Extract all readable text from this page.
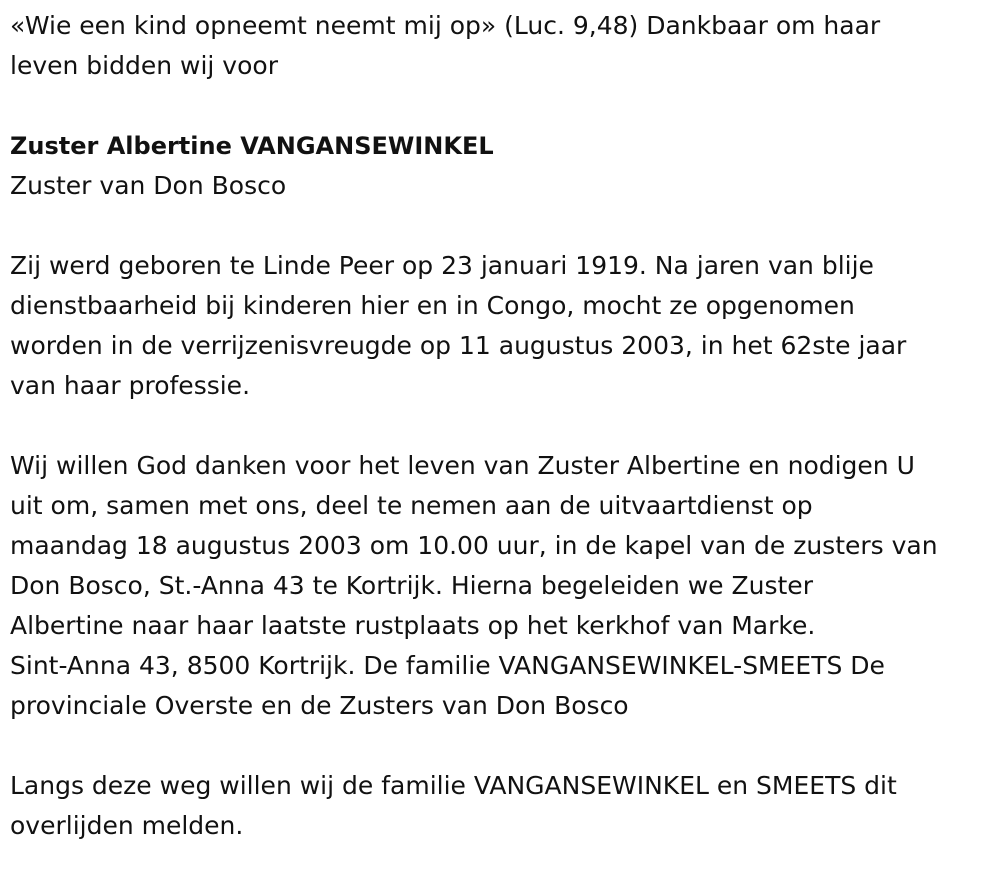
«Wie een kind opneemt neemt mij op» (Luc. 9,48) Dankbaar om haar

leven bidden wij voor

Zuster Albertine VANGANSEWINKEL

Zuster van Don Bosco

Zij werd geboren te Linde Peer op 23 januari 1919. Na jaren van blije

dienstbaarheid bij kinderen hier en in Congo, mocht ze opgenomen

worden in de verrijzenisvreugde op 11 augustus 2003, in het 62ste jaar

van haar professie.

Wij willen God danken voor het leven van Zuster Albertine en nodigen U

uit om, samen met ons, deel te nemen aan de uitvaartdienst op

maandag 18 augustus 2003 om 10.00 uur, in de kapel van de zusters van

Don Bosco, St.-Anna 43 te Kortrijk. Hierna begeleiden we Zuster

Albertine naar haar laatste rustplaats op het kerkhof van Marke.

Sint-Anna 43, 8500 Kortrijk. De familie VANGANSEWINKEL-SMEETS De

provinciale Overste en de Zusters van Don Bosco

Langs deze weg willen wij de familie VANGANSEWINKEL en SMEETS dit

overlijden melden.
